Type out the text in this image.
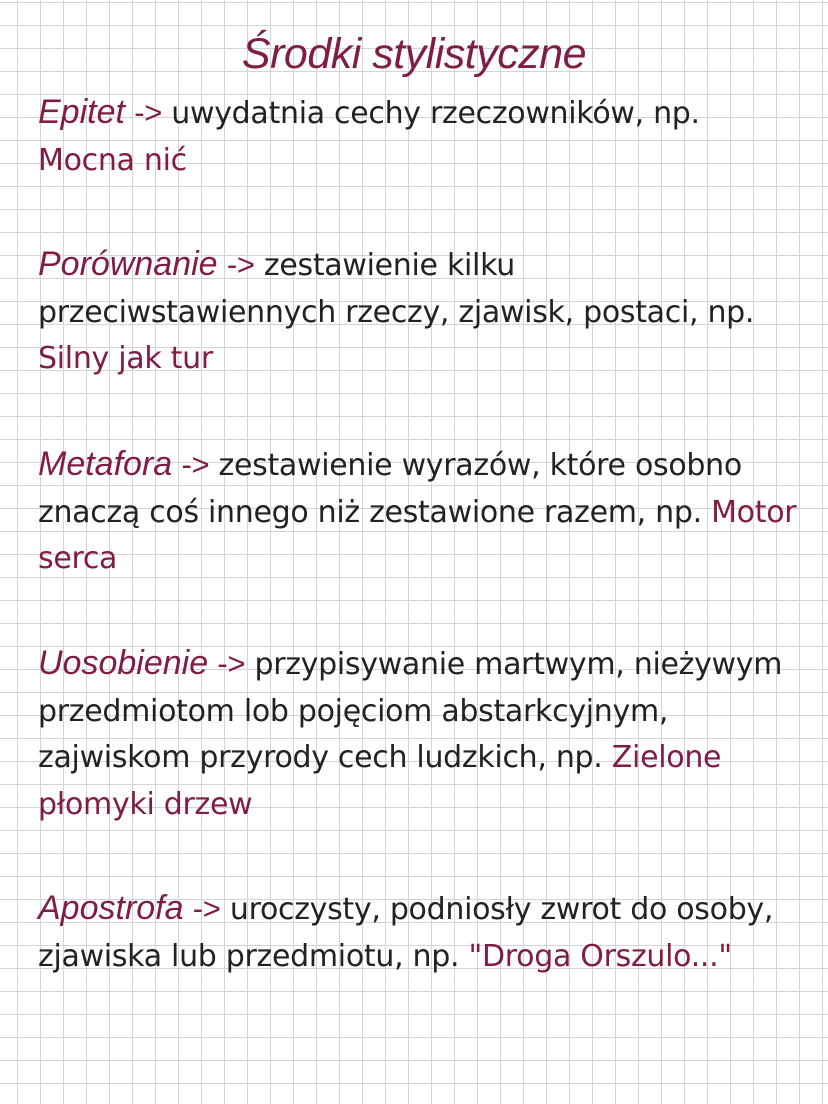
Środki stylistyczne

Epitet -> uwydatnia cechy rzeczowników, np.
Mocna nić

Porównanie -> zestawienie kilku przeciwstawiennych rzeczy, zjawisk, postaci, np.
Silny jak tur

Metafora -> zestawienie wyrazów, które osobno znaczą coś innego niż zestawione razem, np. Motor serca

Uosobienie -> przypisywanie martwym, nieżywym przedmiotom lob pojęciom abstarkcyjnym, zajwiskom przyrody cech ludzkich, np. Zielone płomyki drzew

Apostrofa -> uroczysty, podniosły zwrot do osoby, zjawiska lub przedmiotu, np. "Droga Orszulo..."
